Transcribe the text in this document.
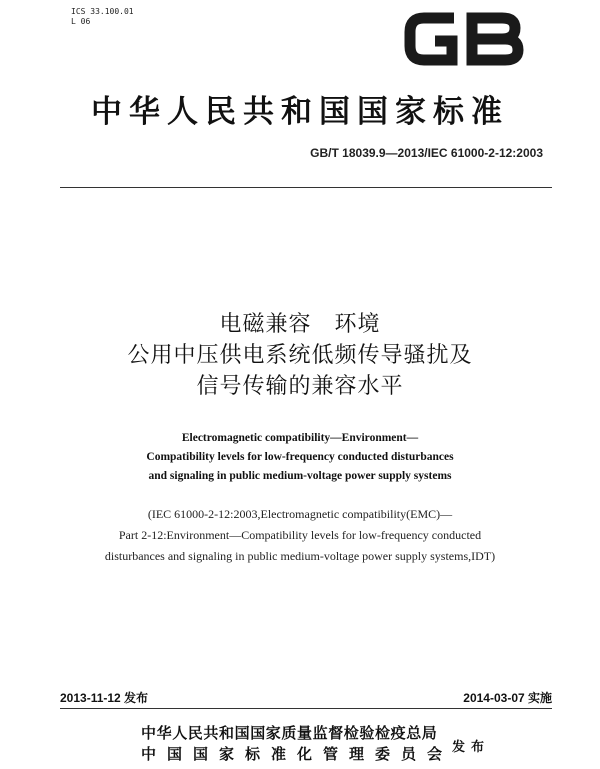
ICS 33.100.01
L 06
中华人民共和国国家标准
GB/T 18039.9—2013/IEC 61000-2-12:2003
电磁兼容　环境
公用中压供电系统低频传导骚扰及
信号传输的兼容水平
Electromagnetic compatibility—Environment—
Compatibility levels for low-frequency conducted disturbances
and signaling in public medium-voltage power supply systems
(IEC 61000-2-12:2003,Electromagnetic compatibility(EMC)—
Part 2-12:Environment—Compatibility levels for low-frequency conducted
disturbances and signaling in public medium-voltage power supply systems,IDT)
2013-11-12 发布	2014-03-07 实施
中华人民共和国国家质量监督检验检疫总局
中国国家标准化管理委员会
发布
